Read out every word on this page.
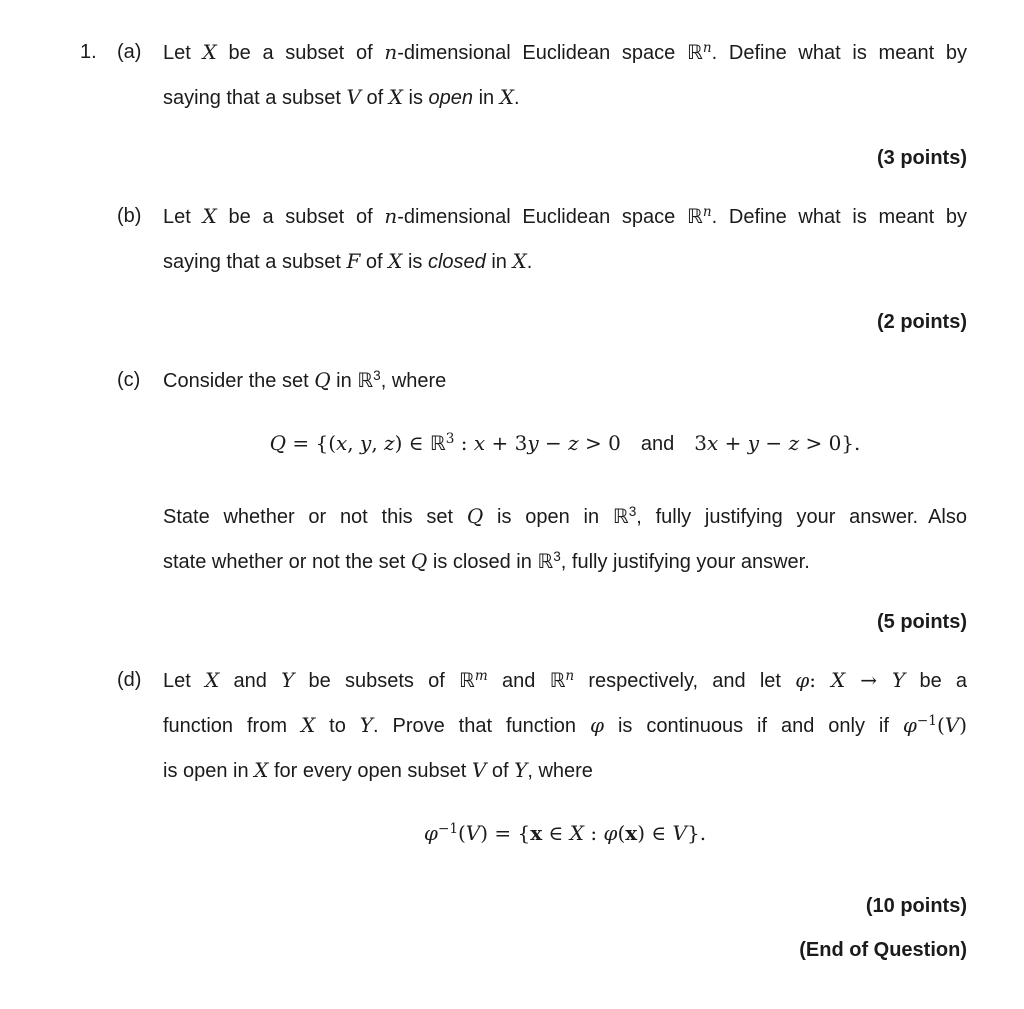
1. (a)	Let X be a subset of n-dimensional Euclidean space ℝ$^n$. Define what is meant by
saying that a subset V of X is open in X.
(3 points)
(b)	Let X be a subset of n-dimensional Euclidean space ℝ$^n$. Define what is meant by
saying that a subset F of X is closed in X.
(2 points)
(c)	Consider the set Q in ℝ$^3$, where
Q = {(x, y, z) ∈ ℝ$^3$ : x + 3y − z > 0 and 3x + y − z > 0}.
State whether or not this set Q is open in ℝ$^3$, fully justifying your answer. Also
state whether or not the set Q is closed in ℝ$^3$, fully justifying your answer.
(5 points)
(d)	Let X and Y be subsets of ℝ$^m$ and ℝ$^n$ respectively, and let φ: X → Y be a
function from X to Y. Prove that function φ is continuous if and only if $\varphi^{-1}(V)$
is open in X for every open subset V of Y, where
$\varphi^{-1}(V) = \{x$ ∈ X : φ(x) ∈ V}.
(10 points)
(End of Question)
